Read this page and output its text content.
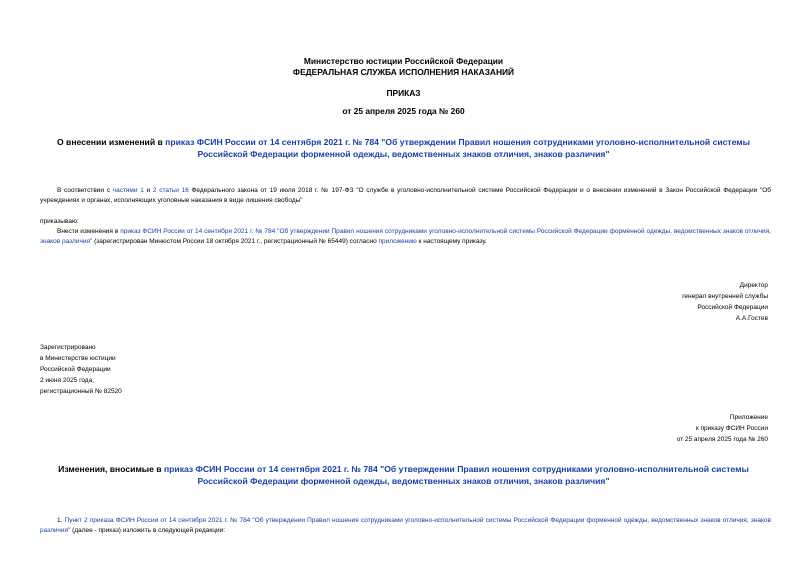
Министерство юстиции Российской Федерации
ФЕДЕРАЛЬНАЯ СЛУЖБА ИСПОЛНЕНИЯ НАКАЗАНИЙ
ПРИКАЗ
от 25 апреля 2025 года № 260
О внесении изменений в приказ ФСИН России от 14 сентября 2021 г. № 784 "Об утверждении Правил ношения сотрудниками уголовно-исполнительной системы Российской Федерации форменной одежды, ведомственных знаков отличия, знаков различия"
В соответствии с частями 1 и 2 статьи 16 Федерального закона от 19 июля 2018 г. № 197-ФЗ "О службе в уголовно-исполнительной системе Российской Федерации и о внесении изменений в Закон Российской Федерации "Об учреждениях и органах, исполняющих уголовные наказания в виде лишения свободы"
приказываю:
Внести изменения в приказ ФСИН России от 14 сентября 2021 г. № 784 "Об утверждении Правил ношения сотрудниками уголовно-исполнительной системы Российской Федерации форменной одежды, ведомственных знаков отличия, знаков различия" (зарегистрирован Минюстом России 18 октября 2021 г., регистрационный № 65449) согласно приложению к настоящему приказу.
Директор
генерал внутренней службы
Российской Федерации
А.А.Гостев
Зарегистрировано
в Министерстве юстиции
Российской Федерации
2 июня 2025 года,
регистрационный № 82520
Приложение
к приказу ФСИН России
от 25 апреля 2025 года № 260
Изменения, вносимые в приказ ФСИН России от 14 сентября 2021 г. № 784 "Об утверждении Правил ношения сотрудниками уголовно-исполнительной системы Российской Федерации форменной одежды, ведомственных знаков отличия, знаков различия"
1. Пункт 2 приказа ФСИН России от 14 сентября 2021 г. № 784 "Об утверждении Правил ношения сотрудниками уголовно-исполнительной системы Российской Федерации форменной одежды, ведомственных знаков отличия, знаков различия" (далее - приказ) изложить в следующей редакции:
